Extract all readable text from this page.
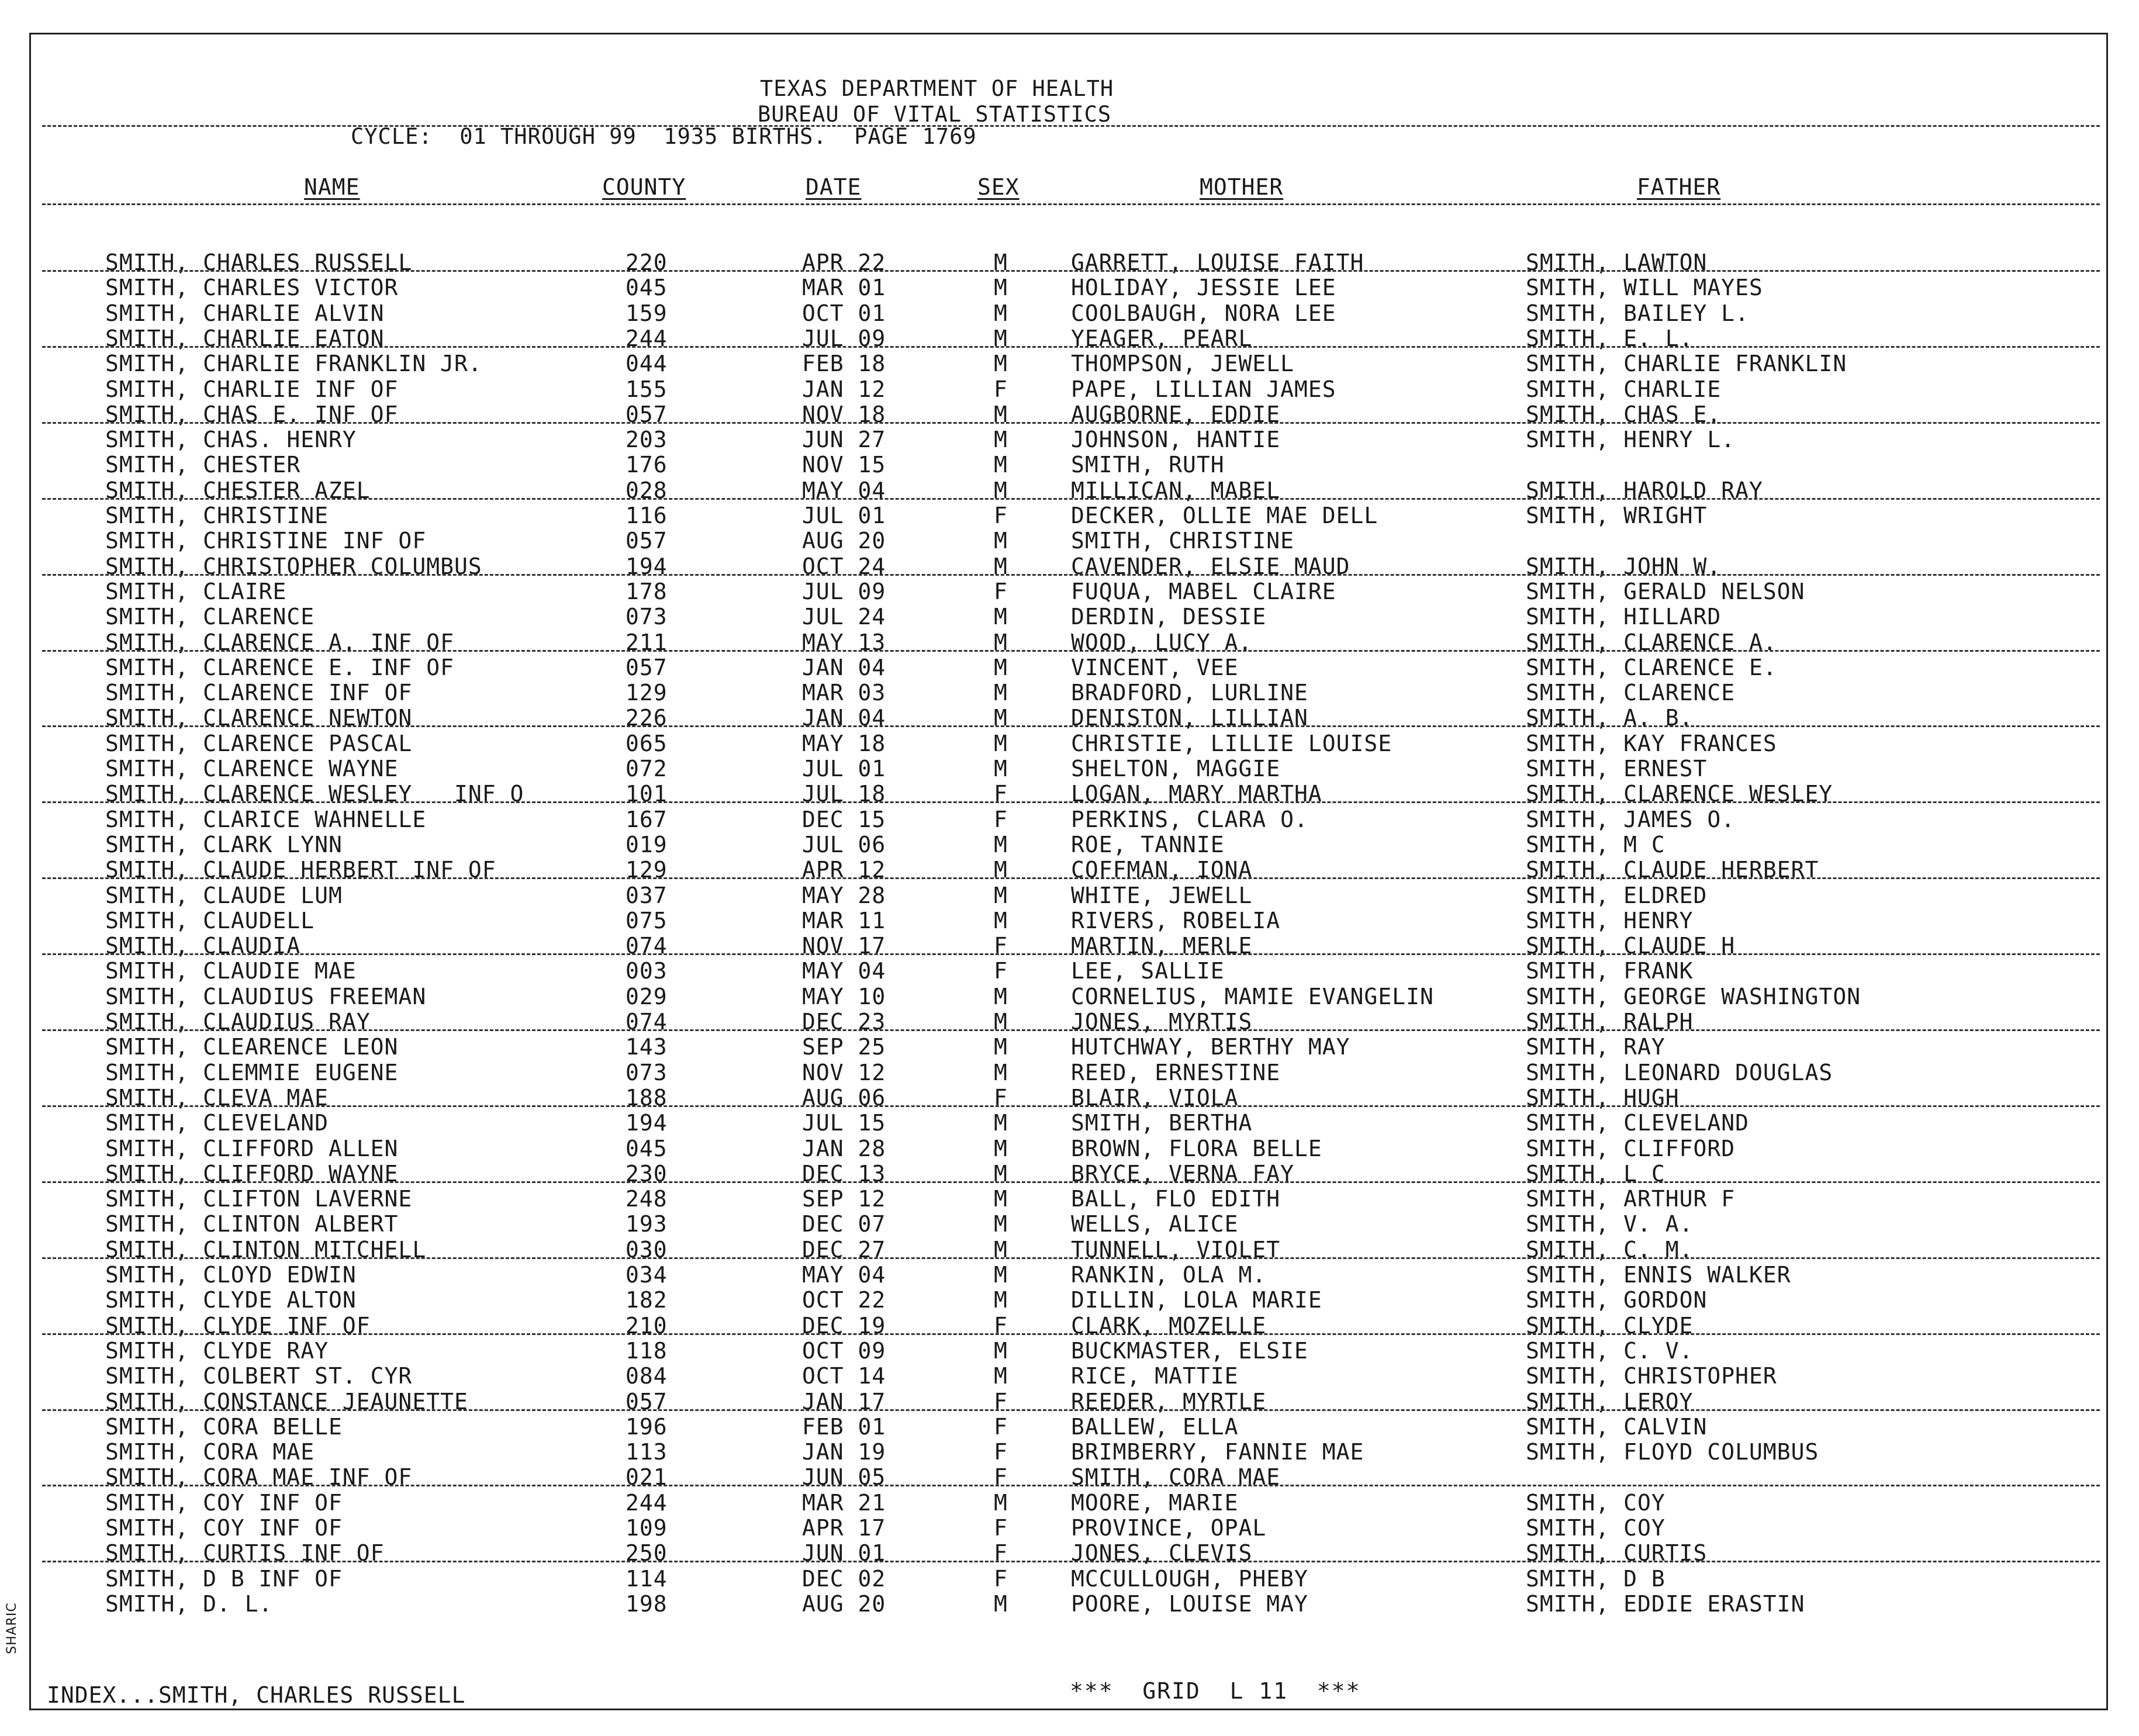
TEXAS DEPARTMENT OF HEALTH
BUREAU OF VITAL STATISTICS
CYCLE:  01 THROUGH 99  1935 BIRTHS.  PAGE 1769
NAME	COUNTY	DATE	SEX	MOTHER	FATHER
SMITH, CHARLES RUSSELL	220	APR 22	M	GARRETT, LOUISE FAITH	SMITH, LAWTON
SMITH, CHARLES VICTOR	045	MAR 01	M	HOLIDAY, JESSIE LEE	SMITH, WILL MAYES
SMITH, CHARLIE ALVIN	159	OCT 01	M	COOLBAUGH, NORA LEE	SMITH, BAILEY L.
SMITH, CHARLIE EATON	244	JUL 09	M	YEAGER, PEARL	SMITH, E. L.
SMITH, CHARLIE FRANKLIN JR.	044	FEB 18	M	THOMPSON, JEWELL	SMITH, CHARLIE FRANKLIN
SMITH, CHARLIE INF OF	155	JAN 12	F	PAPE, LILLIAN JAMES	SMITH, CHARLIE
SMITH, CHAS E. INF OF	057	NOV 18	M	AUGBORNE, EDDIE	SMITH, CHAS E.
SMITH, CHAS. HENRY	203	JUN 27	M	JOHNSON, HANTIE	SMITH, HENRY L.
SMITH, CHESTER	176	NOV 15	M	SMITH, RUTH
SMITH, CHESTER AZEL	028	MAY 04	M	MILLICAN, MABEL	SMITH, HAROLD RAY
SMITH, CHRISTINE	116	JUL 01	F	DECKER, OLLIE MAE DELL	SMITH, WRIGHT
SMITH, CHRISTINE INF OF	057	AUG 20	M	SMITH, CHRISTINE
SMITH, CHRISTOPHER COLUMBUS	194	OCT 24	M	CAVENDER, ELSIE MAUD	SMITH, JOHN W.
SMITH, CLAIRE	178	JUL 09	F	FUQUA, MABEL CLAIRE	SMITH, GERALD NELSON
SMITH, CLARENCE	073	JUL 24	M	DERDIN, DESSIE	SMITH, HILLARD
SMITH, CLARENCE A. INF OF	211	MAY 13	M	WOOD, LUCY A.	SMITH, CLARENCE A.
SMITH, CLARENCE E. INF OF	057	JAN 04	M	VINCENT, VEE	SMITH, CLARENCE E.
SMITH, CLARENCE INF OF	129	MAR 03	M	BRADFORD, LURLINE	SMITH, CLARENCE
SMITH, CLARENCE NEWTON	226	JAN 04	M	DENISTON, LILLIAN	SMITH, A. B.
SMITH, CLARENCE PASCAL	065	MAY 18	M	CHRISTIE, LILLIE LOUISE	SMITH, KAY FRANCES
SMITH, CLARENCE WAYNE	072	JUL 01	M	SHELTON, MAGGIE	SMITH, ERNEST
SMITH, CLARENCE WESLEY   INF O	101	JUL 18	F	LOGAN, MARY MARTHA	SMITH, CLARENCE WESLEY
SMITH, CLARICE WAHNELLE	167	DEC 15	F	PERKINS, CLARA O.	SMITH, JAMES O.
SMITH, CLARK LYNN	019	JUL 06	M	ROE, TANNIE	SMITH, M C
SMITH, CLAUDE HERBERT INF OF	129	APR 12	M	COFFMAN, IONA	SMITH, CLAUDE HERBERT
SMITH, CLAUDE LUM	037	MAY 28	M	WHITE, JEWELL	SMITH, ELDRED
SMITH, CLAUDELL	075	MAR 11	M	RIVERS, ROBELIA	SMITH, HENRY
SMITH, CLAUDIA	074	NOV 17	F	MARTIN, MERLE	SMITH, CLAUDE H
SMITH, CLAUDIE MAE	003	MAY 04	F	LEE, SALLIE	SMITH, FRANK
SMITH, CLAUDIUS FREEMAN	029	MAY 10	M	CORNELIUS, MAMIE EVANGELIN	SMITH, GEORGE WASHINGTON
SMITH, CLAUDIUS RAY	074	DEC 23	M	JONES, MYRTIS	SMITH, RALPH
SMITH, CLEARENCE LEON	143	SEP 25	M	HUTCHWAY, BERTHY MAY	SMITH, RAY
SMITH, CLEMMIE EUGENE	073	NOV 12	M	REED, ERNESTINE	SMITH, LEONARD DOUGLAS
SMITH, CLEVA MAE	188	AUG 06	F	BLAIR, VIOLA	SMITH, HUGH
SMITH, CLEVELAND	194	JUL 15	M	SMITH, BERTHA	SMITH, CLEVELAND
SMITH, CLIFFORD ALLEN	045	JAN 28	M	BROWN, FLORA BELLE	SMITH, CLIFFORD
SMITH, CLIFFORD WAYNE	230	DEC 13	M	BRYCE, VERNA FAY	SMITH, L C
SMITH, CLIFTON LAVERNE	248	SEP 12	M	BALL, FLO EDITH	SMITH, ARTHUR F
SMITH, CLINTON ALBERT	193	DEC 07	M	WELLS, ALICE	SMITH, V. A.
SMITH, CLINTON MITCHELL	030	DEC 27	M	TUNNELL, VIOLET	SMITH, C. M.
SMITH, CLOYD EDWIN	034	MAY 04	M	RANKIN, OLA M.	SMITH, ENNIS WALKER
SMITH, CLYDE ALTON	182	OCT 22	M	DILLIN, LOLA MARIE	SMITH, GORDON
SMITH, CLYDE INF OF	210	DEC 19	F	CLARK, MOZELLE	SMITH, CLYDE
SMITH, CLYDE RAY	118	OCT 09	M	BUCKMASTER, ELSIE	SMITH, C. V.
SMITH, COLBERT ST. CYR	084	OCT 14	M	RICE, MATTIE	SMITH, CHRISTOPHER
SMITH, CONSTANCE JEAUNETTE	057	JAN 17	F	REEDER, MYRTLE	SMITH, LEROY
SMITH, CORA BELLE	196	FEB 01	F	BALLEW, ELLA	SMITH, CALVIN
SMITH, CORA MAE	113	JAN 19	F	BRIMBERRY, FANNIE MAE	SMITH, FLOYD COLUMBUS
SMITH, CORA MAE INF OF	021	JUN 05	F	SMITH, CORA MAE
SMITH, COY INF OF	244	MAR 21	M	MOORE, MARIE	SMITH, COY
SMITH, COY INF OF	109	APR 17	F	PROVINCE, OPAL	SMITH, COY
SMITH, CURTIS INF OF	250	JUN 01	F	JONES, CLEVIS	SMITH, CURTIS
SMITH, D B INF OF	114	DEC 02	F	MCCULLOUGH, PHEBY	SMITH, D B
SMITH, D. L.	198	AUG 20	M	POORE, LOUISE MAY	SMITH, EDDIE ERASTIN
INDEX...SMITH, CHARLES RUSSELL	***  GRID  L 11  ***
SHARIC
